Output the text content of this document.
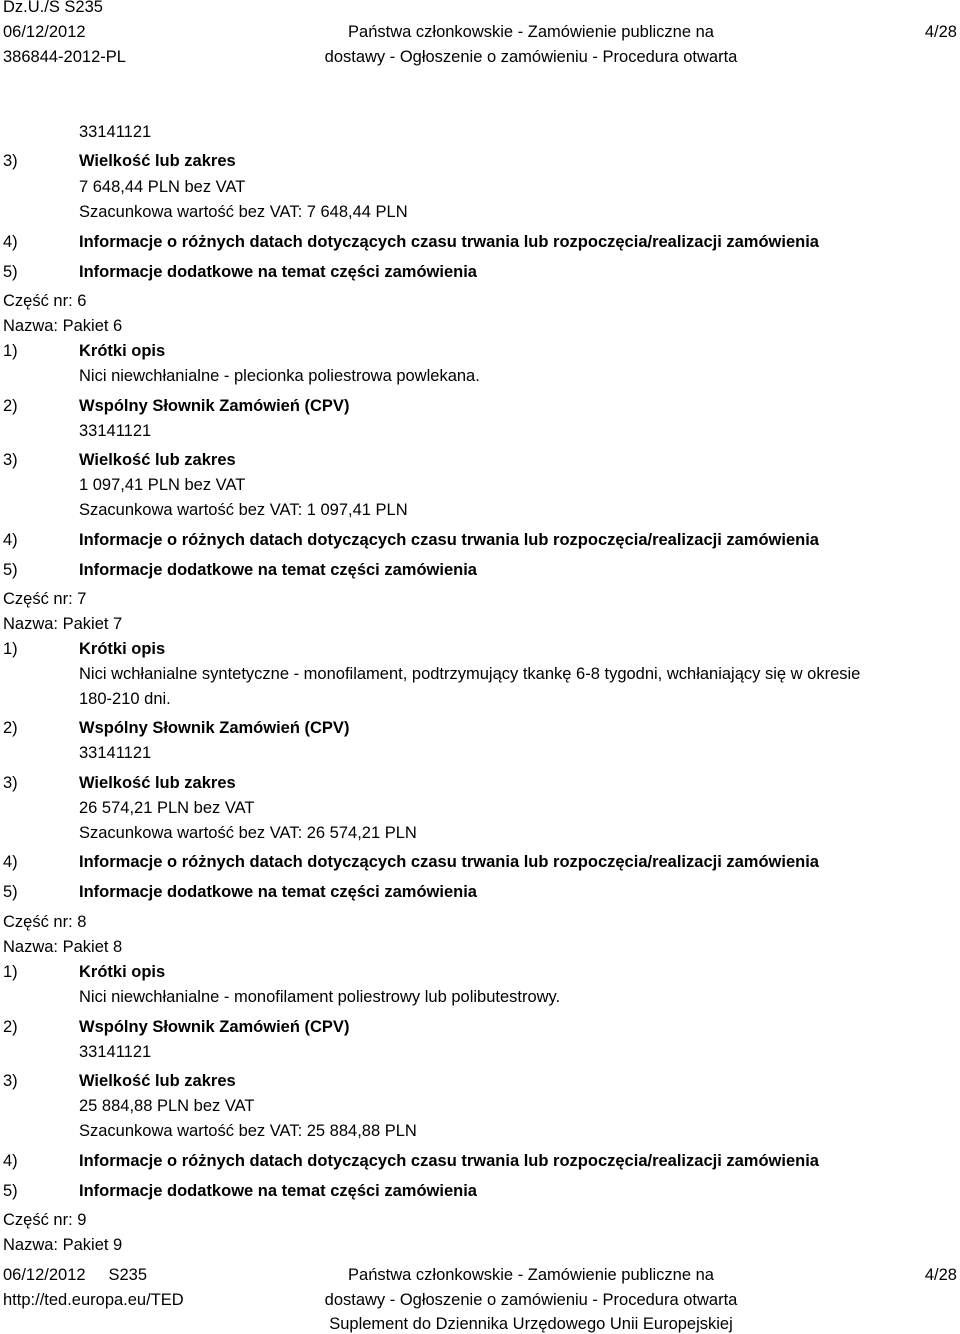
Dz.U./S S235
06/12/2012
386844-2012-PL
Państwa członkowskie - Zamówienie publiczne na
dostawy - Ogłoszenie o zamówieniu - Procedura otwarta
4/28
33141121
3)	Wielkość lub zakres
7 648,44 PLN bez VAT
Szacunkowa wartość bez VAT: 7 648,44 PLN
4)	Informacje o różnych datach dotyczących czasu trwania lub rozpoczęcia/realizacji zamówienia
5)	Informacje dodatkowe na temat części zamówienia
Część nr: 6
Nazwa: Pakiet 6
1)	Krótki opis
Nici niewchłanialne - plecionka poliestrowa powlekana.
2)	Wspólny Słownik Zamówień (CPV)
33141121
3)	Wielkość lub zakres
1 097,41 PLN bez VAT
Szacunkowa wartość bez VAT: 1 097,41 PLN
4)	Informacje o różnych datach dotyczących czasu trwania lub rozpoczęcia/realizacji zamówienia
5)	Informacje dodatkowe na temat części zamówienia
Część nr: 7
Nazwa: Pakiet 7
1)	Krótki opis
Nici wchłanialne syntetyczne - monofilament, podtrzymujący tkankę 6-8 tygodni, wchłaniający się w okresie
180-210 dni.
2)	Wspólny Słownik Zamówień (CPV)
33141121
3)	Wielkość lub zakres
26 574,21 PLN bez VAT
Szacunkowa wartość bez VAT: 26 574,21 PLN
4)	Informacje o różnych datach dotyczących czasu trwania lub rozpoczęcia/realizacji zamówienia
5)	Informacje dodatkowe na temat części zamówienia
Część nr: 8
Nazwa: Pakiet 8
1)	Krótki opis
Nici niewchłanialne - monofilament poliestrowy lub polibutestrowy.
2)	Wspólny Słownik Zamówień (CPV)
33141121
3)	Wielkość lub zakres
25 884,88 PLN bez VAT
Szacunkowa wartość bez VAT: 25 884,88 PLN
4)	Informacje o różnych datach dotyczących czasu trwania lub rozpoczęcia/realizacji zamówienia
5)	Informacje dodatkowe na temat części zamówienia
Część nr: 9
Nazwa: Pakiet 9
06/12/2012     S235
http://ted.europa.eu/TED
Państwa członkowskie - Zamówienie publiczne na
dostawy - Ogłoszenie o zamówieniu - Procedura otwarta
Suplement do Dziennika Urzędowego Unii Europejskiej
4/28
